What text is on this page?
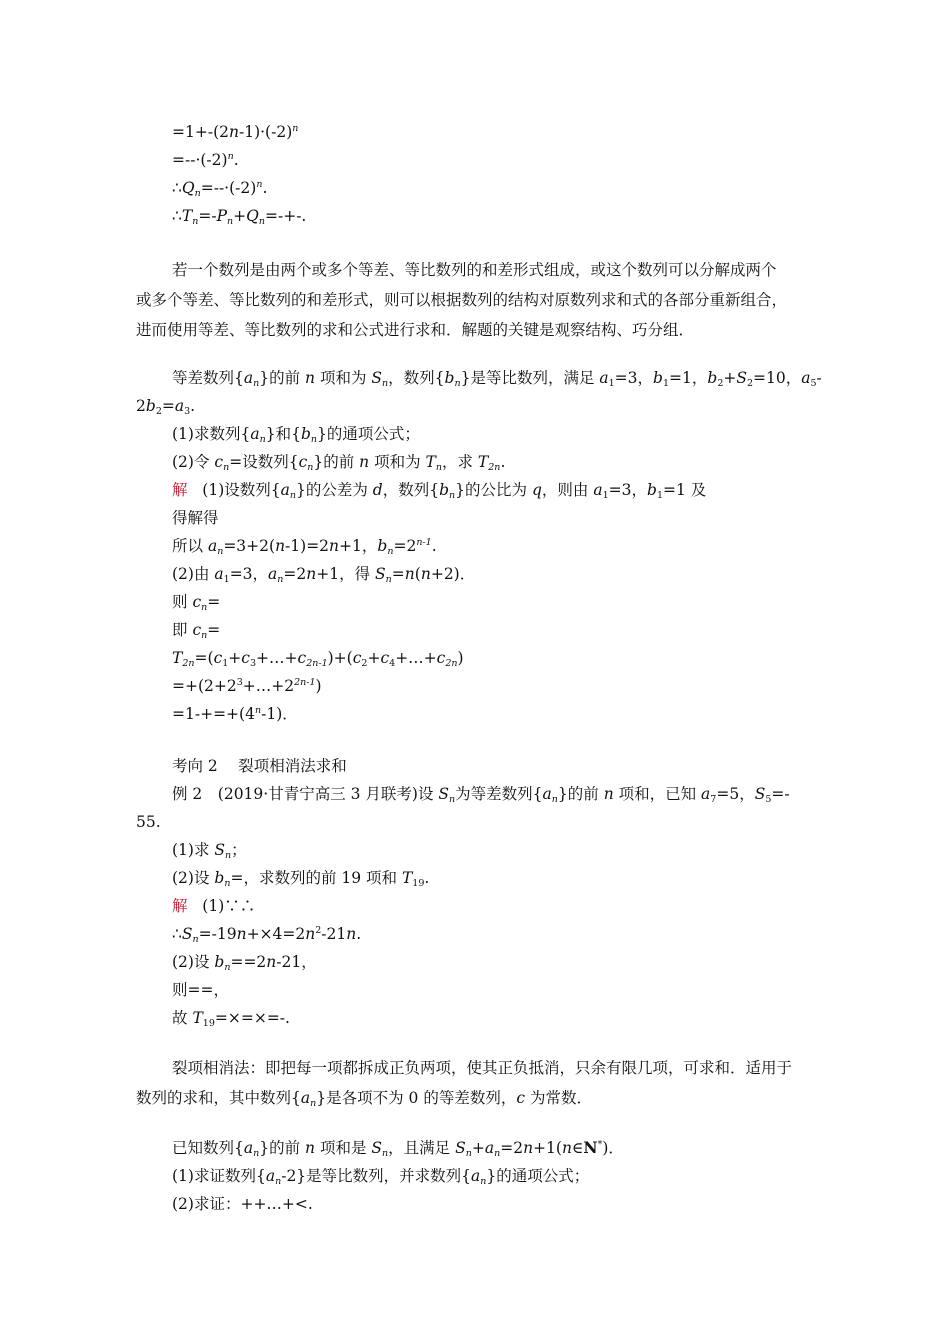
$=1+-(2n-1)\cdot(-2)^n$
$=--\cdot(-2)^n$.
$\therefore Q_n=--\cdot(-2)^n$.
$\therefore T_n=-P_n+Q_n=-+-$.
若一个数列是由两个或多个等差、等比数列的和差形式组成，或这个数列可以分解成两个
或多个等差、等比数列的和差形式，则可以根据数列的结构对原数列求和式的各部分重新组合，
进而使用等差、等比数列的求和公式进行求和．解题的关键是观察结构、巧分组．
等差数列$\{a_n\}$的前 n 项和为 $S_n$，数列$\{b_n\}$是等比数列，满足 $a_1=3$，$b_1=1$，$b_2+S_2=10$，$a_5-$
$2b_2=a_3$.
(1)求数列$\{a_n\}$和$\{b_n\}$的通项公式；
(2)令 $c_n=$设数列$\{c_n\}$的前 n 项和为 $T_n$，求 $T_{2n}$.
解 (1)设数列$\{a_n\}$的公差为 d，数列$\{b_n\}$的公比为 q，则由 $a_1=3$，$b_1=1$ 及
得解得
所以 $a_n=3+2(n-1)=2n+1$，$b_n=2^{n-1}$.
(2)由 $a_1=3$，$a_n=2n+1$，得 $S_n=n(n+2)$．
则 $c_n=$
即 $c_n=$
$T_{2n}=(c_1+c_3+\dots+c_{2n-1})+(c_2+c_4+\dots+c_{2n})$
$=+(2+2^3+\dots+2^{2n-1})$
$=1-+=+(4^n-1)$．
考向 2　 裂项相消法求和
例 2　(2019·甘青宁高三 3 月联考)设 $S_n$为等差数列$\{a_n\}$的前 n 项和，已知 $a_7=5$，$S_5=-$
55.
(1)求 $S_n$；
(2)设 $b_n=$，求数列的前 19 项和 $T_{19}$.
解 (1)∵∴
$\therefore S_n=-19n+\times 4=2n^2-21n$.
(2)设 $b_n==2n-21$，
则==，
故 $T_{19}=\times=\times=-$.
裂项相消法：即把每一项都拆成正负两项，使其正负抵消，只余有限几项，可求和．适用于
数列的求和，其中数列$\{a_n\}$是各项不为 0 的等差数列，c 为常数．
已知数列$\{a_n\}$的前 n 项和是 $S_n$，且满足 $S_n+a_n=2n+1(n\in N^*)$．
(1)求证数列$\{a_n-2\}$是等比数列，并求数列$\{a_n\}$的通项公式；
(2)求证：++…+<.
